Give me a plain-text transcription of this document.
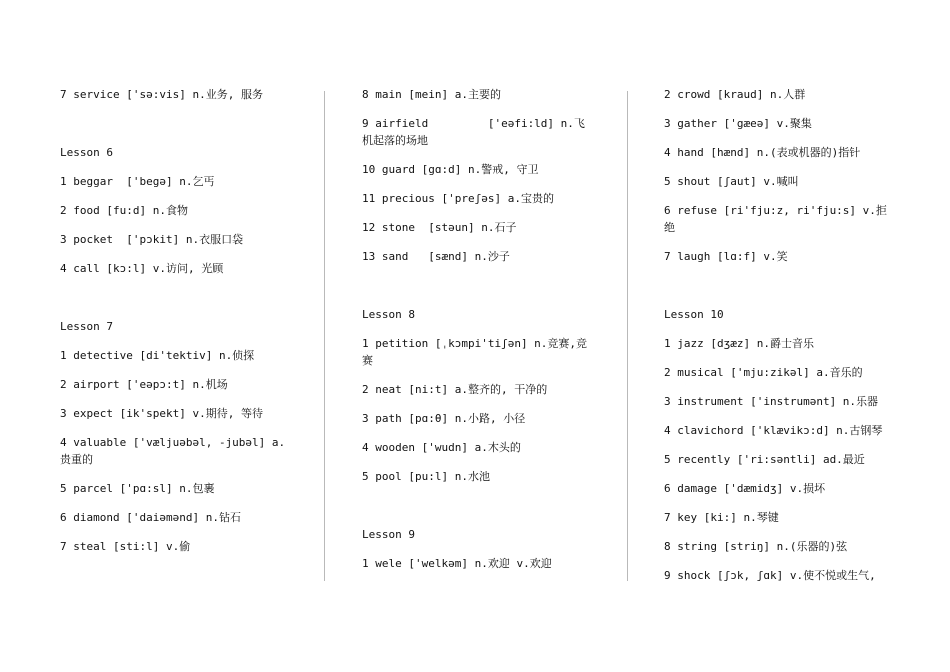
7 service ['sə:vis] n.业务, 服务
Lesson 6
1 beggar  ['begə] n.乞丐
2 food [fu:d] n.食物
3 pocket  ['pɔkit] n.衣服口袋
4 call [kɔ:l] v.访问, 光顾
Lesson 7
1 detective [di'tektiv] n.侦探
2 airport ['eəpɔ:t] n.机场
3 expect [ik'spekt] v.期待, 等待
4 valuable ['væljuəbəl, -jubəl] a.贵重的
5 parcel ['pɑ:sl] n.包裹
6 diamond ['daiəmənd] n.钻石
7 steal [sti:l] v.偷
8 main [mein] a.主要的
9 airfield         ['eəfi:ld] n.飞机起落的场地
10 guard [gɑ:d] n.警戒, 守卫
11 precious ['preʃəs] a.宝贵的
12 stone  [stəun] n.石子
13 sand   [sænd] n.沙子
Lesson 8
1 petition [ˌkɔmpi'tiʃən] n.竞赛,竞赛
2 neat [ni:t] a.整齐的, 干净的
3 path [pɑ:θ] n.小路, 小径
4 wooden ['wudn] a.木头的
5 pool [pu:l] n.水池
Lesson 9
1 wele ['welkəm] n.欢迎 v.欢迎
2 crowd [kraud] n.人群
3 gather ['gæeə] v.聚集
4 hand [hænd] n.(表或机器的)指针
5 shout [ʃaut] v.喊叫
6 refuse [ri'fju:z, ri'fju:s] v.拒绝
7 laugh [lɑ:f] v.笑
Lesson 10
1 jazz [dʒæz] n.爵士音乐
2 musical ['mju:zikəl] a.音乐的
3 instrument ['instrumənt] n.乐器
4 clavichord ['klævikɔ:d] n.古钢琴
5 recently ['ri:səntli] ad.最近
6 damage ['dæmidʒ] v.损坏
7 key [ki:] n.琴键
8 string [striŋ] n.(乐器的)弦
9 shock [ʃɔk, ʃɑk] v.使不悦或生气,
